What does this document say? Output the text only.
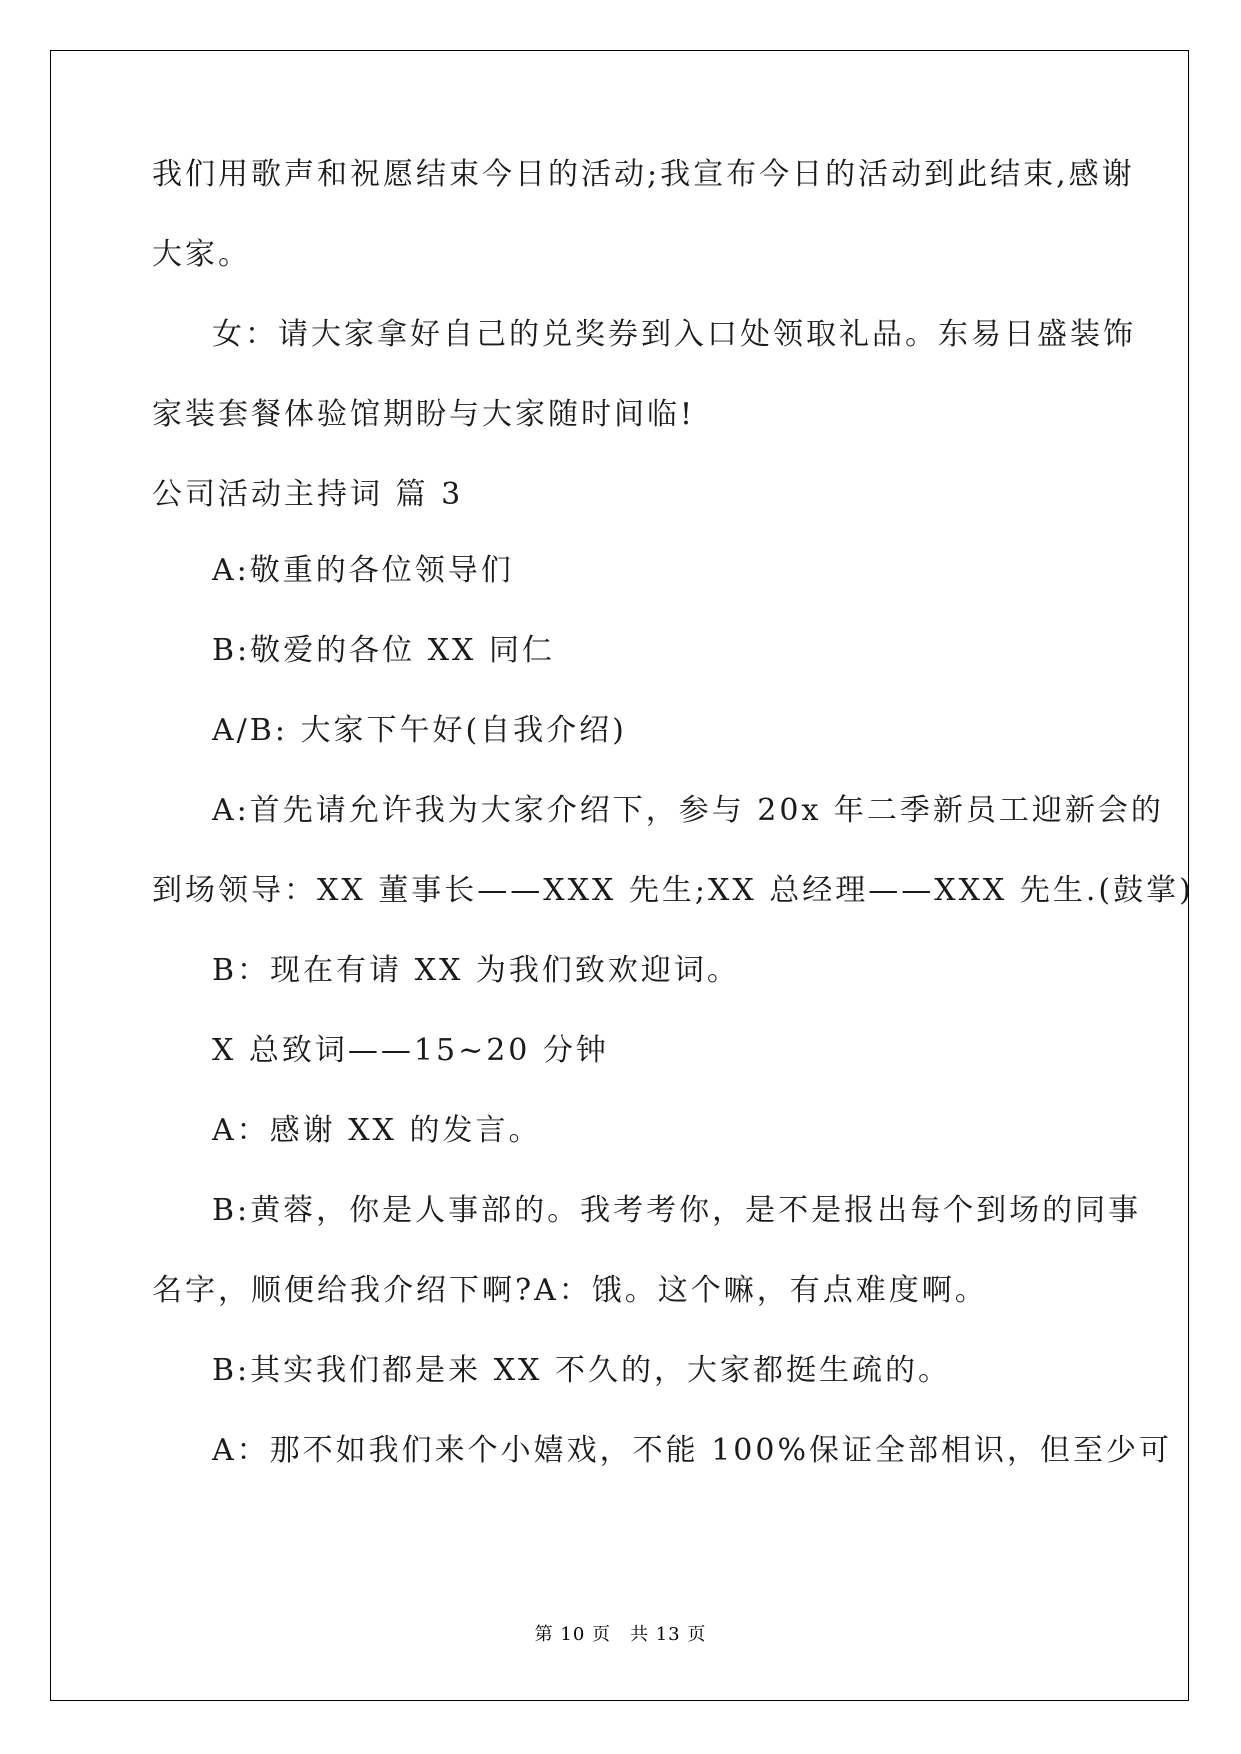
我们用歌声和祝愿结束今日的活动;我宣布今日的活动到此结束,感谢
大家。
女：请大家拿好自己的兑奖券到入口处领取礼品。东易日盛装饰
家装套餐体验馆期盼与大家随时间临!
公司活动主持词 篇 3
A:敬重的各位领导们
B:敬爱的各位 XX 同仁
A/B: 大家下午好(自我介绍)
A:首先请允许我为大家介绍下，参与 20x 年二季新员工迎新会的
到场领导：XX 董事长——XXX 先生;XX 总经理——XXX 先生.(鼓掌)
B：现在有请 XX 为我们致欢迎词。
X 总致词——15~20 分钟
A：感谢 XX 的发言。
B:黄蓉，你是人事部的。我考考你，是不是报出每个到场的同事
名字，顺便给我介绍下啊?A：饿。这个嘛，有点难度啊。
B:其实我们都是来 XX 不久的，大家都挺生疏的。
A：那不如我们来个小嬉戏，不能 100%保证全部相识，但至少可
第 10 页　共 13 页
